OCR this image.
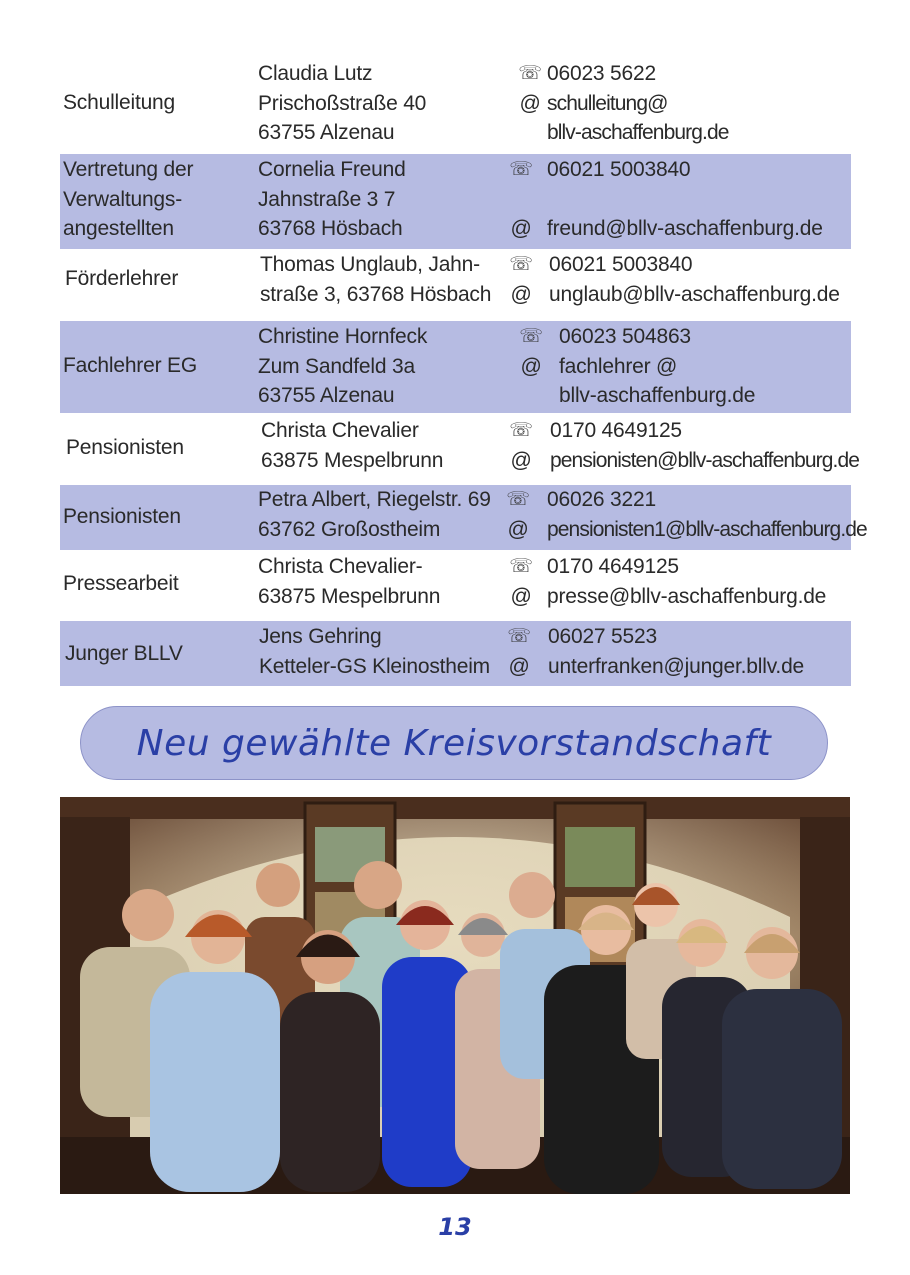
Schulleitung
Claudia Lutz
Prischoßstraße 40
63755 Alzenau
☏
@
06023 5622
schulleitung@
bllv-aschaffenburg.de
Vertretung der
Verwaltungs-
angestellten
Cornelia Freund
Jahnstraße 3 7
63768 Hösbach
☏
@
06021 5003840
freund@bllv-aschaffenburg.de
Förderlehrer
Thomas Unglaub, Jahn-
straße 3, 63768 Hösbach
☏
@
06021 5003840
unglaub@bllv-aschaffenburg.de
Fachlehrer EG
Christine Hornfeck
Zum Sandfeld 3a
63755 Alzenau
☏
@
06023 504863
fachlehrer @
bllv-aschaffenburg.de
Pensionisten
Christa Chevalier
63875 Mespelbrunn
☏
@
0170 4649125
pensionisten@bllv-aschaffenburg.de
Pensionisten
Petra Albert, Riegelstr. 69
63762 Großostheim
☏
@
06026 3221
pensionisten1@bllv-aschaffenburg.de
Pressearbeit
Christa Chevalier-
63875 Mespelbrunn
☏
@
0170 4649125
presse@bllv-aschaffenburg.de
Junger BLLV
Jens Gehring
Ketteler-GS Kleinostheim
☏
@
06027 5523
unterfranken@junger.bllv.de
Neu gewählte Kreisvorstandschaft
13
